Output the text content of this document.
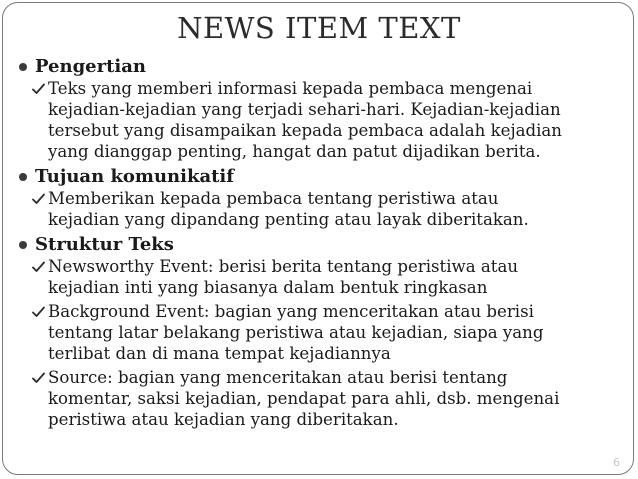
NEWS ITEM TEXT
Pengertian
Teks yang memberi informasi kepada pembaca mengenai
kejadian-kejadian yang terjadi sehari-hari. Kejadian-kejadian
tersebut yang disampaikan kepada pembaca adalah kejadian
yang dianggap penting, hangat dan patut dijadikan berita.
Tujuan komunikatif
Memberikan kepada pembaca tentang peristiwa atau
kejadian yang dipandang penting atau layak diberitakan.
Struktur Teks
Newsworthy Event: berisi berita tentang peristiwa atau
kejadian inti yang biasanya dalam bentuk ringkasan
Background Event: bagian yang menceritakan atau berisi
tentang latar belakang peristiwa atau kejadian, siapa yang
terlibat dan di mana tempat kejadiannya
Source: bagian yang menceritakan atau berisi tentang
komentar, saksi kejadian, pendapat para ahli, dsb. mengenai
peristiwa atau kejadian yang diberitakan.
6
